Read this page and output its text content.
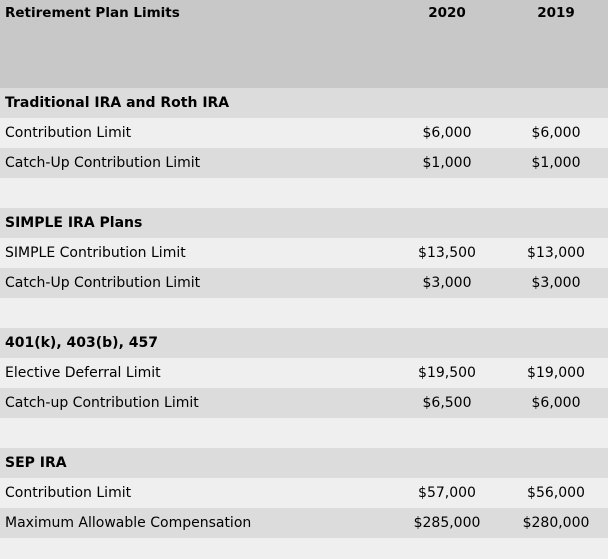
Retirement Plan Limits	2020	2019
Traditional IRA and Roth IRA
Contribution Limit	$6,000	$6,000
Catch-Up Contribution Limit	$1,000	$1,000
SIMPLE IRA Plans
SIMPLE Contribution Limit	$13,500	$13,000
Catch-Up Contribution Limit	$3,000	$3,000
401(k), 403(b), 457
Elective Deferral Limit	$19,500	$19,000
Catch-up Contribution Limit	$6,500	$6,000
SEP IRA
Contribution Limit	$57,000	$56,000
Maximum Allowable Compensation	$285,000	$280,000
